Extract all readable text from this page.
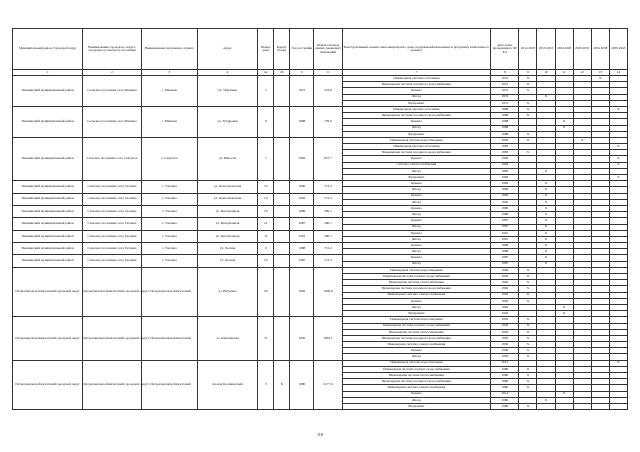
Муниципальный район, Городской округ	Наименование городского округа, городского (сельского) поселения	Наименование населенного пункта	Адрес	Номер дома	Корпус (блок)	Год постройки	Общая площадь жилых (нежилых) помещений	Конструктивный элемент многоквартирного дома, подлежащий включению в программу капитального ремонта	Дата ранее проведенного КР КЭ	2014 2018	2019 2023	2024 2028	2029 2033	2034 2038	2039 2043
1	2	3	4	4а	4б	5	6	7	8	9	10	11	12	13	14
Пенжинский муниципальный район	Сельское поселение село Манилы	с. Манилы	ул. Тиргинан	3		1972	516,6	Инженерная система отопления	1972	X				X	
								Инженерная система холодного водоснабжения	1972	X					
								Крыша	1972	X					
								Фасад	1972		X				
								Фундамент	1972	X					
Пенжинский муниципальный район	Сельское поселение село Манилы	с. Манилы	ул. Тундровая	9		1988	739,0	Инженерная система отопления	1988	X					X
								Инженерная система холодного водоснабжения	1988	X					
								Крыша	1988			X			
								Фасад	1988			X			
								Фундамент	1988	X					
Пенжинский муниципальный район	Сельское поселение село Слаутное	с. Слаутное	ул. Юности	7		1983	627,7	Инженерная система водоотведения	1983	X			X		
								Инженерная система отопления	1983						X
								Инженерная система холодного водоснабжения	1983	X					
								Крыша	1983						X
								Система электроснабжения	1983						X
								Фасад	1983		X				
								Фундамент	1983						X
Пенжинский муниципальный район	Сельское поселение село Таловка	с. Таловка	ул. Комсомольская	14		1990	715,2	Крыша	1990		X				
								Фасад	1990		X				
Пенжинский муниципальный район	Сельское поселение село Таловка	с. Таловка	ул. Комсомольская	16		1992	715,2	Крыша	1992		X				
								Фасад	1992		X				
Пенжинский муниципальный район	Сельское поселение село Таловка	с. Таловка	ул. Центральная	19		1986	300,1	Крыша	1986		X				
								Фасад	1986		X				
Пенжинский муниципальный район	Сельское поселение село Таловка	с. Таловка	ул. Центральная	21		1987	300,1	Крыша	1987		X				
								Фасад	1987		X				
Пенжинский муниципальный район	Сельское поселение село Таловка	с. Таловка	ул. Центральная	1а		1991	300,1	Крыша	1991		X				
								Фасад	1991		X				
Пенжинский муниципальный район	Сельское поселение село Таловка	с. Таловка	ул. Лесная	9		1988	715,2	Крыша	1988		X				
								Фасад	1988		X				
Пенжинский муниципальный район	Сельское поселение село Таловка	с. Таловка	ул. Лесная	10		1987	715,2	Крыша	1987		X				
								Фасад	1987		X				
Петропавловск-Камчатский городской округ	Петропавловск-Камчатский городской округ	г. Петропавловск-Камчатский	ул. Ватутина	20		1992	1046,9	Инженерная система водоотведения	1992	X					
								Инженерная система горячего водоснабжения	1992	X					
								Инженерная система теплоснабжения	1992	X					
								Инженерная система холодного водоснабжения	1992	X					
								Инженерная система электроснабжения	1992	X					
								Крыша	1992	X					
								Фасад	1992			X			
								Фундамент	1992			X			
Петропавловск-Камчатский городской округ	Петропавловск-Камчатский городской округ	г. Петропавловск-Камчатский	ул. Ключевская	37		1950	1063,1	Инженерная система водоотведения	1950	X					
								Инженерная система горячего водоснабжения	1950	X					
								Инженерная система теплоснабжения	1950	X					
								Инженерная система холодного водоснабжения	1950	X					
								Инженерная система электроснабжения	1950	X					
								Крыша	1950	X					
								Фасад	1950	X					
Петропавловск-Камчатский городской округ	Петропавловск-Камчатский городской округ	г. Петропавловск-Камчатский	проезд Космический	3	Б	1980	2177,6	Инженерная система водоотведения	2013						X
								Инженерная система горячего водоснабжения	1980	X					
								Инженерная система теплоснабжения	1980	X					
								Инженерная система холодного водоснабжения	1980	X					
								Инженерная система электроснабжения	1980	X					
								Крыша	2014			X			
								Фасад	1980		X				
								Фундамент	1980	X					
118
